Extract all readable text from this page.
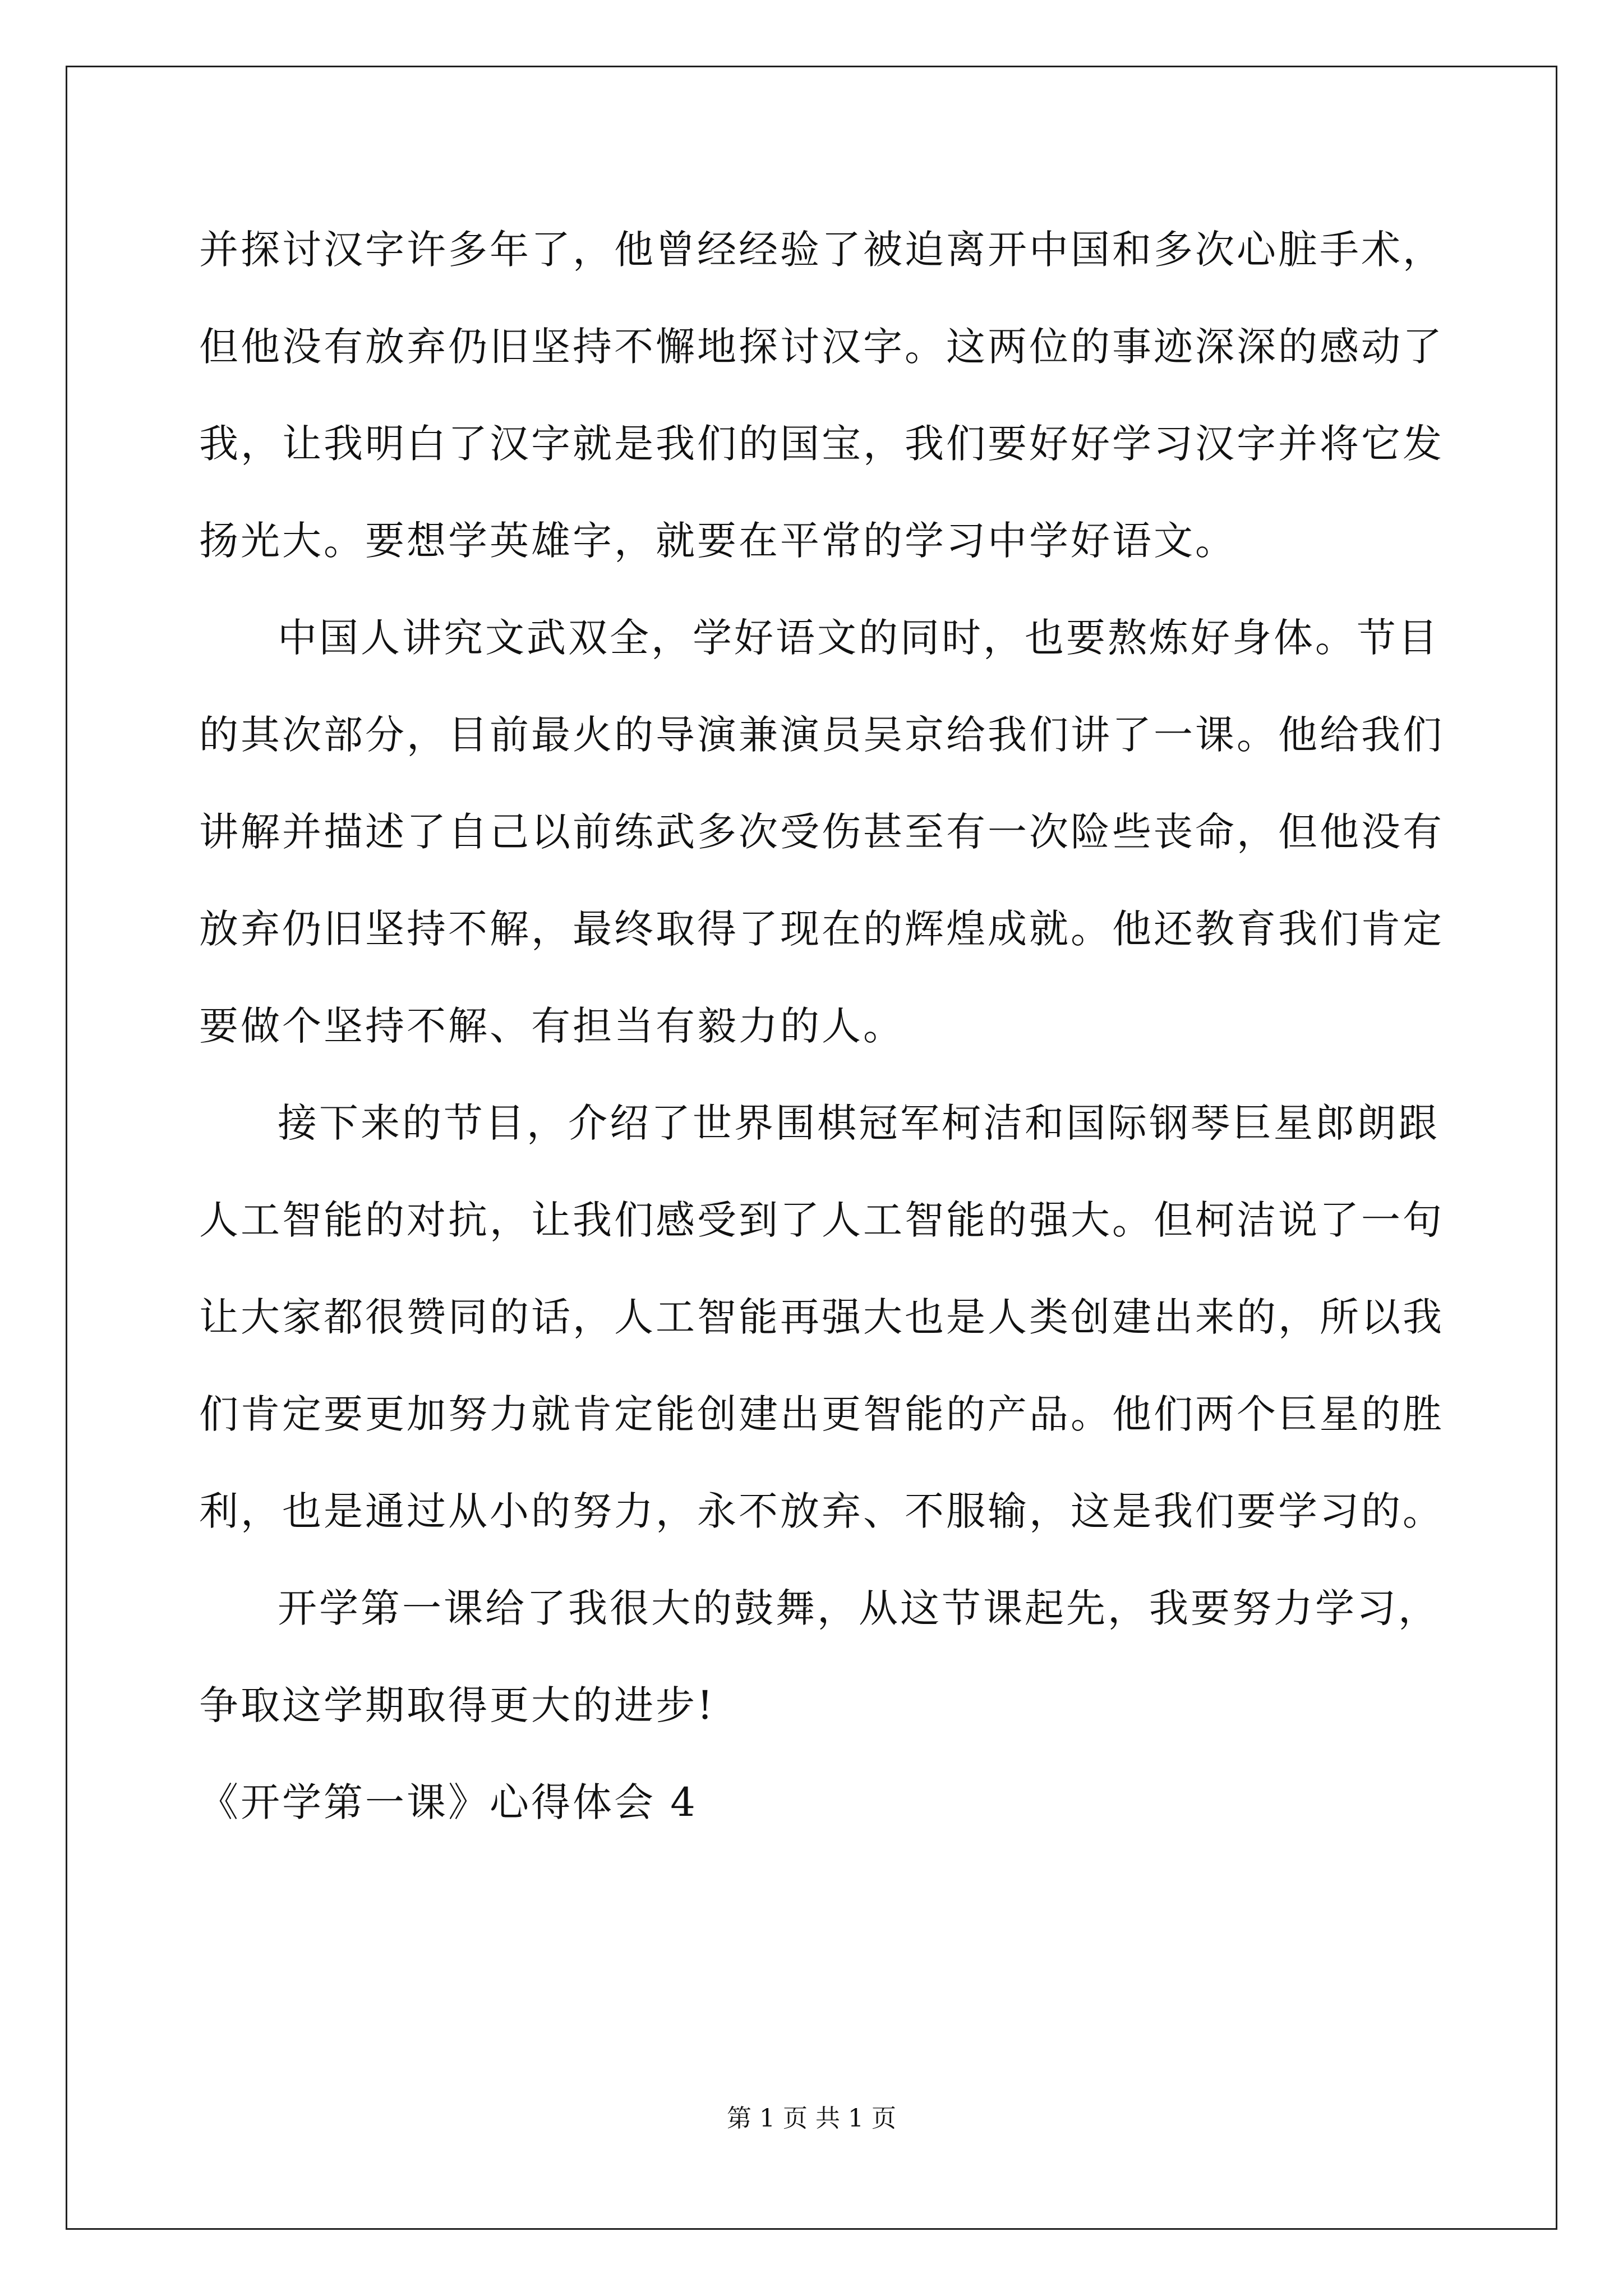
并探讨汉字许多年了，他曾经经验了被迫离开中国和多次心脏手术，
但他没有放弃仍旧坚持不懈地探讨汉字。这两位的事迹深深的感动了
我，让我明白了汉字就是我们的国宝，我们要好好学习汉字并将它发
扬光大。要想学英雄字，就要在平常的学习中学好语文。
中国人讲究文武双全，学好语文的同时，也要熬炼好身体。节目
的其次部分，目前最火的导演兼演员吴京给我们讲了一课。他给我们
讲解并描述了自己以前练武多次受伤甚至有一次险些丧命，但他没有
放弃仍旧坚持不解，最终取得了现在的辉煌成就。他还教育我们肯定
要做个坚持不解、有担当有毅力的人。
接下来的节目，介绍了世界围棋冠军柯洁和国际钢琴巨星郎朗跟
人工智能的对抗，让我们感受到了人工智能的强大。但柯洁说了一句
让大家都很赞同的话，人工智能再强大也是人类创建出来的，所以我
们肯定要更加努力就肯定能创建出更智能的产品。他们两个巨星的胜
利，也是通过从小的努力，永不放弃、不服输，这是我们要学习的。
开学第一课给了我很大的鼓舞，从这节课起先，我要努力学习，
争取这学期取得更大的进步!
《开学第一课》心得体会 4
第 1 页 共 1 页
